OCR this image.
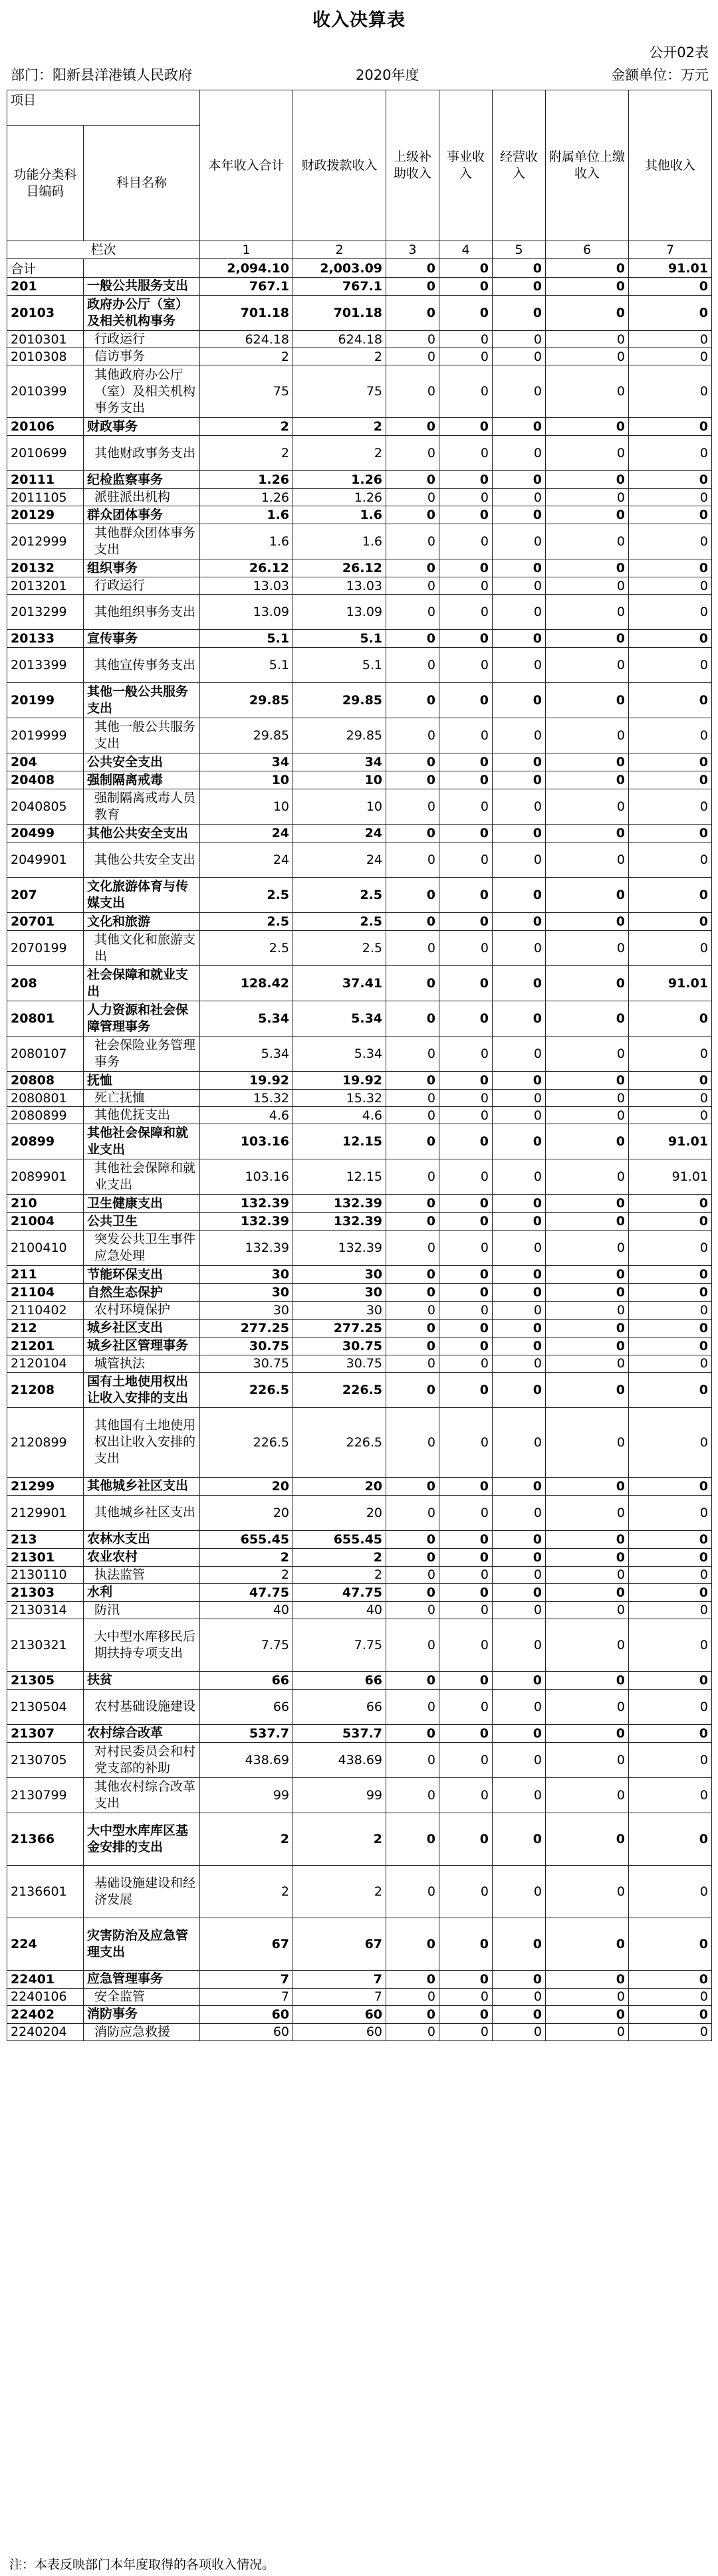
收入决算表
公开02表
部门：阳新县洋港镇人民政府	2020年度	金额单位：万元
项目		本年收入合计	财政拨款收入	上级补助收入	事业收入	经营收入	附属单位上缴收入	其他收入
功能分类科目编码	科目名称							
栏次		1	2	3	4	5	6	7
合计		2,094.10	2,003.09	0	0	0	0	91.01
201	一般公共服务支出	767.1	767.1	0	0	0	0	0
20103	政府办公厅（室）及相关机构事务	701.18	701.18	0	0	0	0	0
2010301	行政运行	624.18	624.18	0	0	0	0	0
2010308	信访事务	2	2	0	0	0	0	0
2010399	其他政府办公厅（室）及相关机构事务支出	75	75	0	0	0	0	0
20106	财政事务	2	2	0	0	0	0	0
2010699	其他财政事务支出	2	2	0	0	0	0	0
20111	纪检监察事务	1.26	1.26	0	0	0	0	0
2011105	派驻派出机构	1.26	1.26	0	0	0	0	0
20129	群众团体事务	1.6	1.6	0	0	0	0	0
2012999	其他群众团体事务支出	1.6	1.6	0	0	0	0	0
20132	组织事务	26.12	26.12	0	0	0	0	0
2013201	行政运行	13.03	13.03	0	0	0	0	0
2013299	其他组织事务支出	13.09	13.09	0	0	0	0	0
20133	宣传事务	5.1	5.1	0	0	0	0	0
2013399	其他宣传事务支出	5.1	5.1	0	0	0	0	0
20199	其他一般公共服务支出	29.85	29.85	0	0	0	0	0
2019999	其他一般公共服务支出	29.85	29.85	0	0	0	0	0
204	公共安全支出	34	34	0	0	0	0	0
20408	强制隔离戒毒	10	10	0	0	0	0	0
2040805	强制隔离戒毒人员教育	10	10	0	0	0	0	0
20499	其他公共安全支出	24	24	0	0	0	0	0
2049901	其他公共安全支出	24	24	0	0	0	0	0
207	文化旅游体育与传媒支出	2.5	2.5	0	0	0	0	0
20701	文化和旅游	2.5	2.5	0	0	0	0	0
2070199	其他文化和旅游支出	2.5	2.5	0	0	0	0	0
208	社会保障和就业支出	128.42	37.41	0	0	0	0	91.01
20801	人力资源和社会保障管理事务	5.34	5.34	0	0	0	0	0
2080107	社会保险业务管理事务	5.34	5.34	0	0	0	0	0
20808	抚恤	19.92	19.92	0	0	0	0	0
2080801	死亡抚恤	15.32	15.32	0	0	0	0	0
2080899	其他优抚支出	4.6	4.6	0	0	0	0	0
20899	其他社会保障和就业支出	103.16	12.15	0	0	0	0	91.01
2089901	其他社会保障和就业支出	103.16	12.15	0	0	0	0	91.01
210	卫生健康支出	132.39	132.39	0	0	0	0	0
21004	公共卫生	132.39	132.39	0	0	0	0	0
2100410	突发公共卫生事件应急处理	132.39	132.39	0	0	0	0	0
211	节能环保支出	30	30	0	0	0	0	0
21104	自然生态保护	30	30	0	0	0	0	0
2110402	农村环境保护	30	30	0	0	0	0	0
212	城乡社区支出	277.25	277.25	0	0	0	0	0
21201	城乡社区管理事务	30.75	30.75	0	0	0	0	0
2120104	城管执法	30.75	30.75	0	0	0	0	0
21208	国有土地使用权出让收入安排的支出	226.5	226.5	0	0	0	0	0
2120899	其他国有土地使用权出让收入安排的支出	226.5	226.5	0	0	0	0	0
21299	其他城乡社区支出	20	20	0	0	0	0	0
2129901	其他城乡社区支出	20	20	0	0	0	0	0
213	农林水支出	655.45	655.45	0	0	0	0	0
21301	农业农村	2	2	0	0	0	0	0
2130110	执法监管	2	2	0	0	0	0	0
21303	水利	47.75	47.75	0	0	0	0	0
2130314	防汛	40	40	0	0	0	0	0
2130321	大中型水库移民后期扶持专项支出	7.75	7.75	0	0	0	0	0
21305	扶贫	66	66	0	0	0	0	0
2130504	农村基础设施建设	66	66	0	0	0	0	0
21307	农村综合改革	537.7	537.7	0	0	0	0	0
2130705	对村民委员会和村党支部的补助	438.69	438.69	0	0	0	0	0
2130799	其他农村综合改革支出	99	99	0	0	0	0	0
21366	大中型水库库区基金安排的支出	2	2	0	0	0	0	0
2136601	基础设施建设和经济发展	2	2	0	0	0	0	0
224	灾害防治及应急管理支出	67	67	0	0	0	0	0
22401	应急管理事务	7	7	0	0	0	0	0
2240106	安全监管	7	7	0	0	0	0	0
22402	消防事务	60	60	0	0	0	0	0
2240204	消防应急救援	60	60	0	0	0	0	0
注：本表反映部门本年度取得的各项收入情况。
